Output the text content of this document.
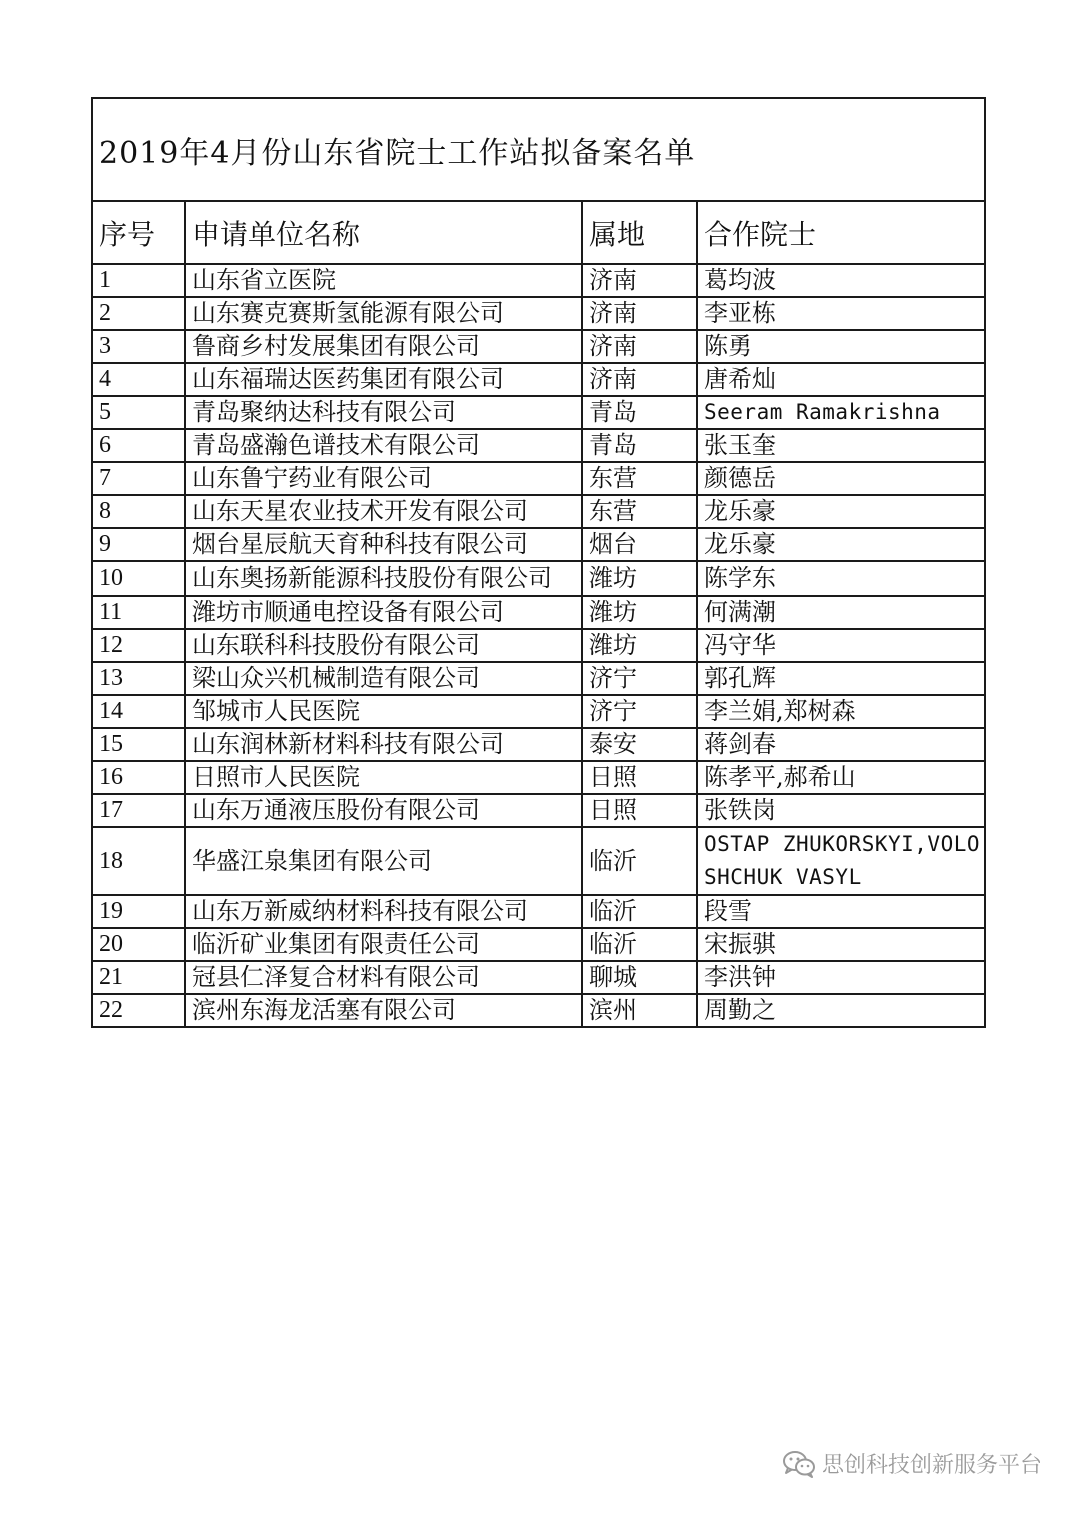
2019年4月份山东省院士工作站拟备案名单			
序号	申请单位名称	属地	合作院士
1	山东省立医院	济南	葛均波
2	山东赛克赛斯氢能源有限公司	济南	李亚栋
3	鲁商乡村发展集团有限公司	济南	陈勇
4	山东福瑞达医药集团有限公司	济南	唐希灿
5	青岛聚纳达科技有限公司	青岛	Seeram Ramakrishna
6	青岛盛瀚色谱技术有限公司	青岛	张玉奎
7	山东鲁宁药业有限公司	东营	颜德岳
8	山东天星农业技术开发有限公司	东营	龙乐豪
9	烟台星辰航天育种科技有限公司	烟台	龙乐豪
10	山东奥扬新能源科技股份有限公司	潍坊	陈学东
11	潍坊市顺通电控设备有限公司	潍坊	何满潮
12	山东联科科技股份有限公司	潍坊	冯守华
13	梁山众兴机械制造有限公司	济宁	郭孔辉
14	邹城市人民医院	济宁	李兰娟,郑树森
15	山东润林新材料科技有限公司	泰安	蒋剑春
16	日照市人民医院	日照	陈孝平,郝希山
17	山东万通液压股份有限公司	日照	张铁岗
18	华盛江泉集团有限公司	临沂	OSTAP ZHUKORSKYI,VOLOSHCHUK VASYL
19	山东万新威纳材料科技有限公司	临沂	段雪
20	临沂矿业集团有限责任公司	临沂	宋振骐
21	冠县仁泽复合材料有限公司	聊城	李洪钟
22	滨州东海龙活塞有限公司	滨州	周勤之
思创科技创新服务平台
